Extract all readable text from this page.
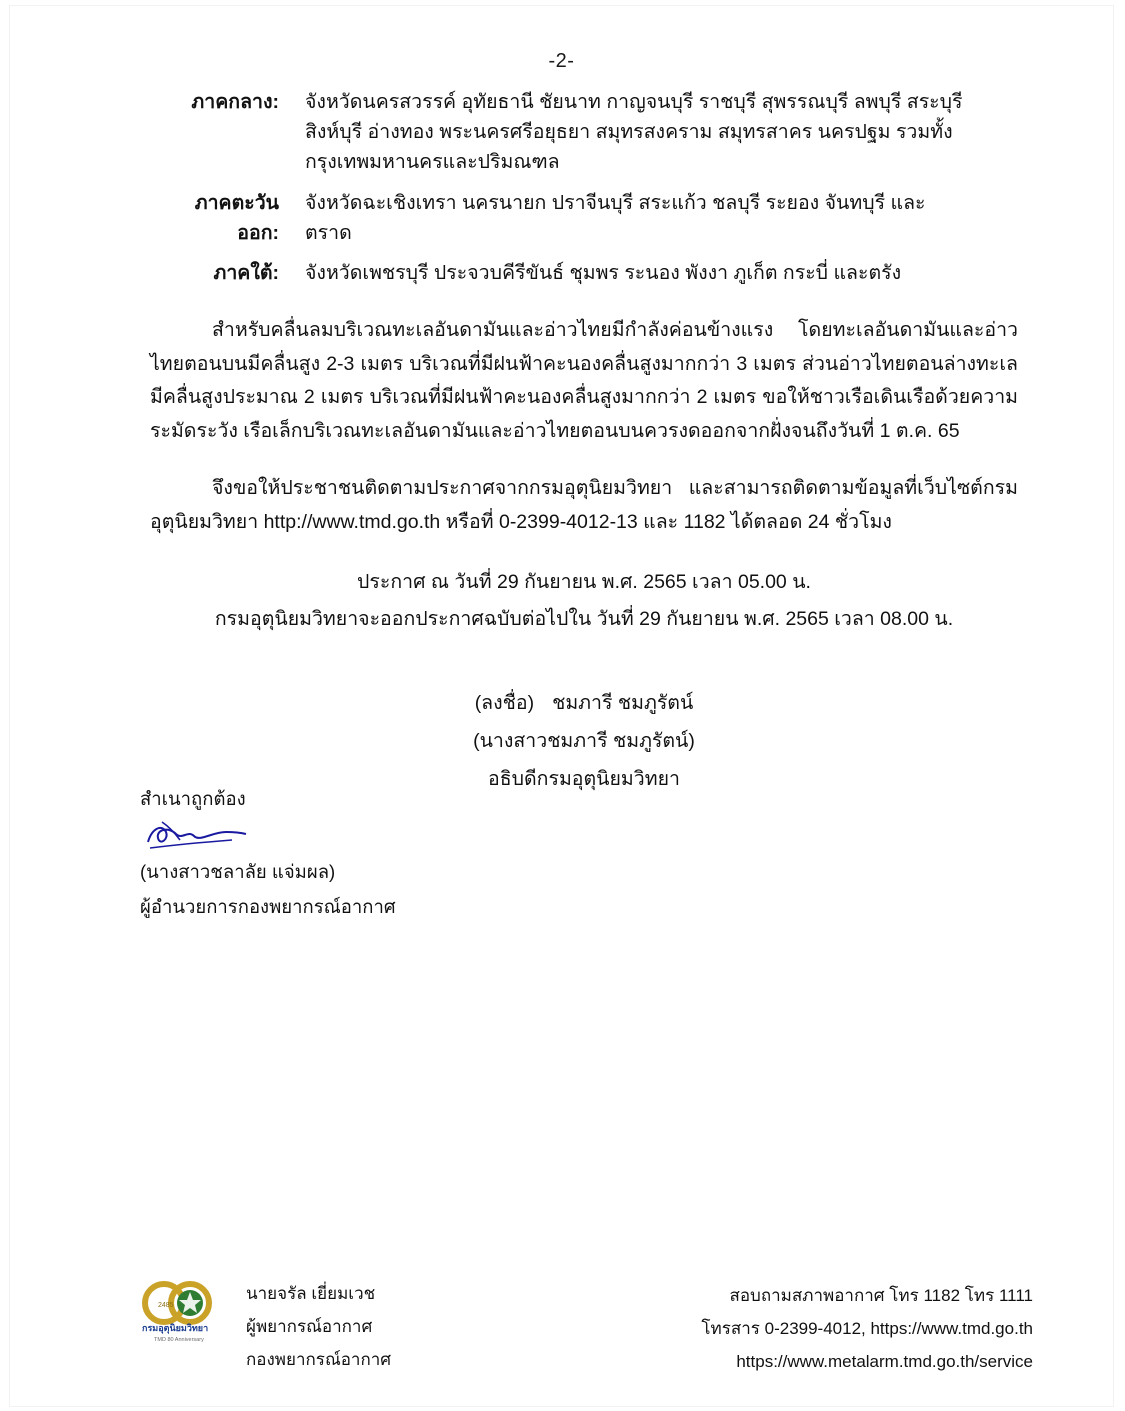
-2-
ภาคกลาง:	จังหวัดนครสวรรค์ อุทัยธานี ชัยนาท กาญจนบุรี ราชบุรี สุพรรณบุรี ลพบุรี สระบุรี สิงห์บุรี อ่างทอง พระนครศรีอยุธยา สมุทรสงคราม สมุทรสาคร นครปฐม รวมทั้งกรุงเทพมหานครและปริมณฑล
ภาคตะวันออก:
จังหวัดฉะเชิงเทรา นครนายก ปราจีนบุรี สระแก้ว ชลบุรี ระยอง จันทบุรี และตราด
ภาคใต้:	จังหวัดเพชรบุรี ประจวบคีรีขันธ์ ชุมพร ระนอง พังงา ภูเก็ต กระบี่ และตรัง

สำหรับคลื่นลมบริเวณทะเลอันดามันและอ่าวไทยมีกำลังค่อนข้างแรง โดยทะเลอันดามันและอ่าวไทยตอนบนมีคลื่นสูง 2-3 เมตร บริเวณที่มีฝนฟ้าคะนองคลื่นสูงมากกว่า 3 เมตร ส่วนอ่าวไทยตอนล่างทะเลมีคลื่นสูงประมาณ 2 เมตร บริเวณที่มีฝนฟ้าคะนองคลื่นสูงมากกว่า 2 เมตร ขอให้ชาวเรือเดินเรือด้วยความระมัดระวัง เรือเล็กบริเวณทะเลอันดามันและอ่าวไทยตอนบนควรงดออกจากฝั่งจนถึงวันที่ 1 ต.ค. 65

จึงขอให้ประชาชนติดตามประกาศจากกรมอุตุนิยมวิทยา และสามารถติดตามข้อมูลที่เว็บไซต์กรมอุตุนิยมวิทยา http://www.tmd.go.th หรือที่ 0-2399-4012-13 และ 1182 ได้ตลอด 24 ชั่วโมง

ประกาศ ณ วันที่ 29 กันยายน พ.ศ. 2565 เวลา 05.00 น.
กรมอุตุนิยมวิทยาจะออกประกาศฉบับต่อไปใน วันที่ 29 กันยายน พ.ศ. 2565 เวลา 08.00 น.
(ลงชื่อ) ชมภารี ชมภูรัตน์
(นางสาวชมภารี ชมภูรัตน์)
อธิบดีกรมอุตุนิยมวิทยา
สำเนาถูกต้อง
(นางสาวชลาลัย แจ่มผล)
ผู้อำนวยการกองพยากรณ์อากาศ
2485
กรมอุตุนิยมวิทยา
TMD 80 Anniversary
นายจรัล เยี่ยมเวช
ผู้พยากรณ์อากาศ
กองพยากรณ์อากาศ
สอบถามสภาพอากาศ โทร 1182 โทร 1111
โทรสาร 0-2399-4012, https://www.tmd.go.th
https://www.metalarm.tmd.go.th/service
